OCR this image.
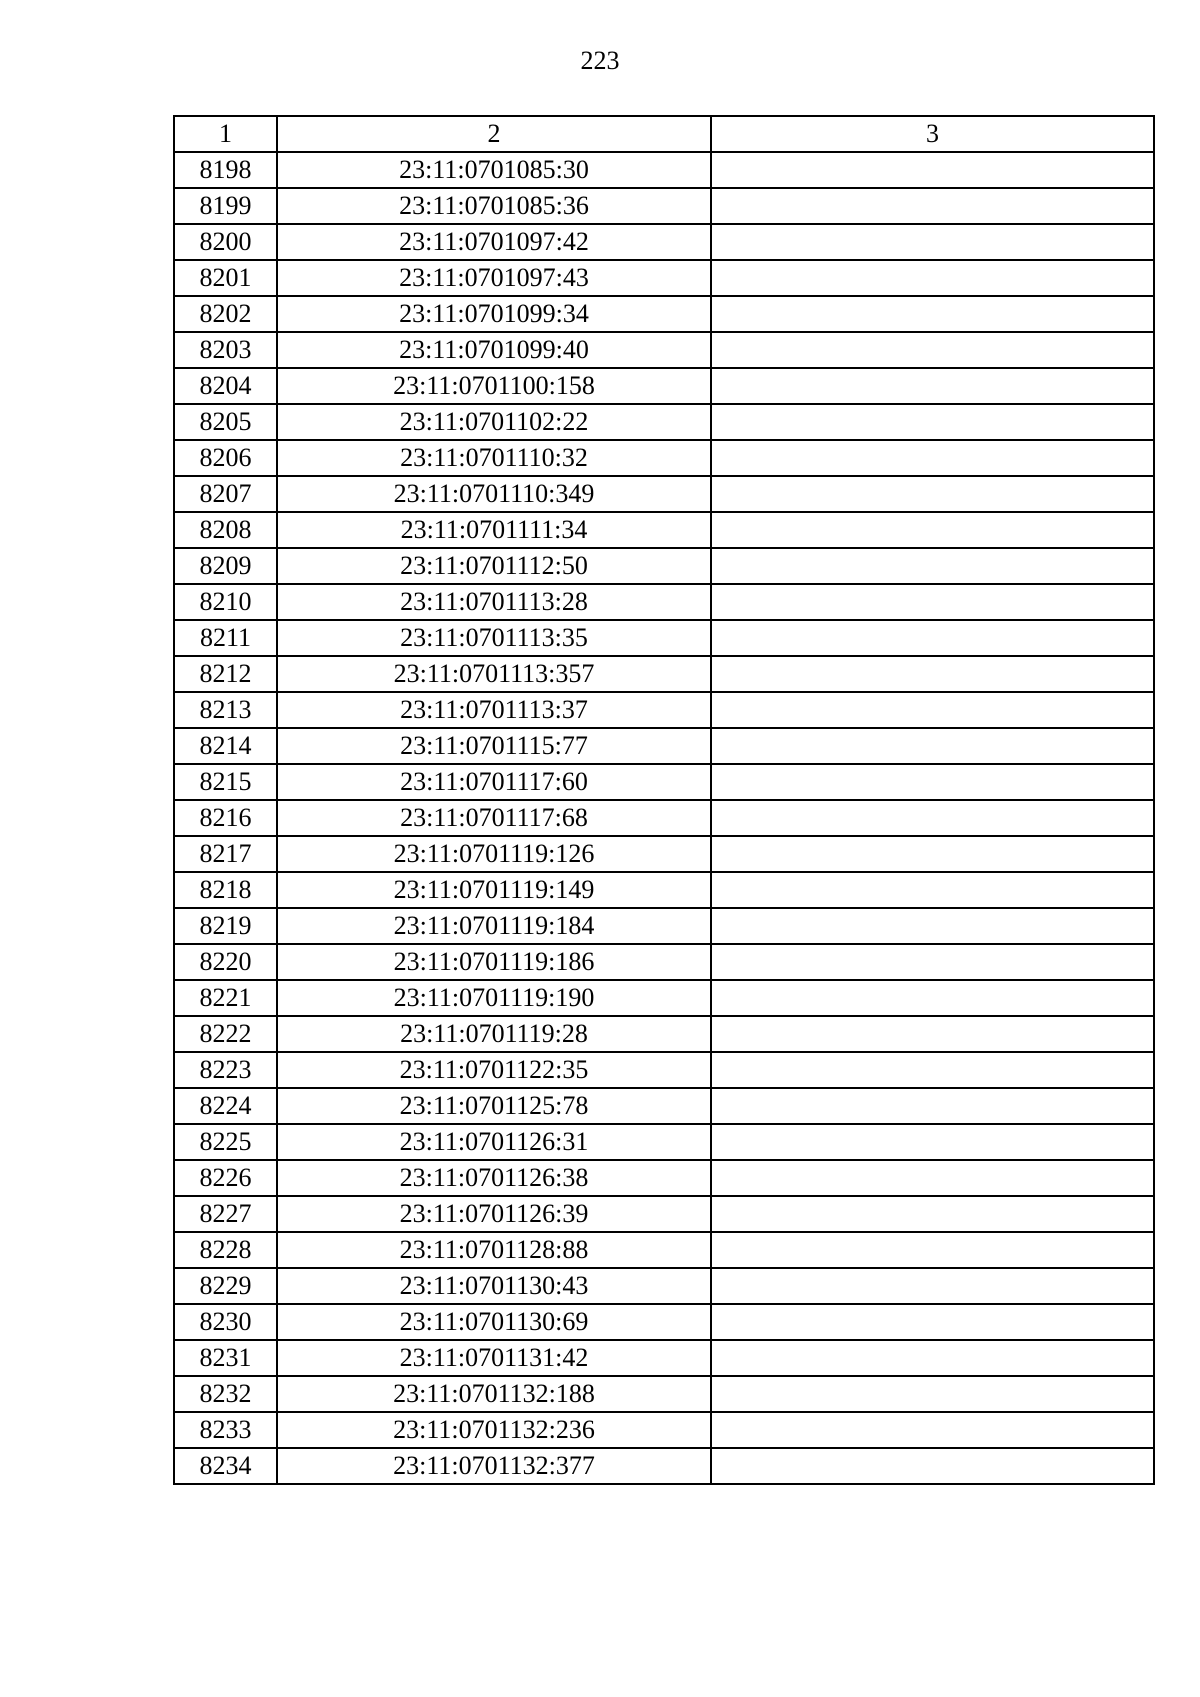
223
1	2	3
8198	23:11:0701085:30	
8199	23:11:0701085:36	
8200	23:11:0701097:42	
8201	23:11:0701097:43	
8202	23:11:0701099:34	
8203	23:11:0701099:40	
8204	23:11:0701100:158	
8205	23:11:0701102:22	
8206	23:11:0701110:32	
8207	23:11:0701110:349	
8208	23:11:0701111:34	
8209	23:11:0701112:50	
8210	23:11:0701113:28	
8211	23:11:0701113:35	
8212	23:11:0701113:357	
8213	23:11:0701113:37	
8214	23:11:0701115:77	
8215	23:11:0701117:60	
8216	23:11:0701117:68	
8217	23:11:0701119:126	
8218	23:11:0701119:149	
8219	23:11:0701119:184	
8220	23:11:0701119:186	
8221	23:11:0701119:190	
8222	23:11:0701119:28	
8223	23:11:0701122:35	
8224	23:11:0701125:78	
8225	23:11:0701126:31	
8226	23:11:0701126:38	
8227	23:11:0701126:39	
8228	23:11:0701128:88	
8229	23:11:0701130:43	
8230	23:11:0701130:69	
8231	23:11:0701131:42	
8232	23:11:0701132:188	
8233	23:11:0701132:236	
8234	23:11:0701132:377	
